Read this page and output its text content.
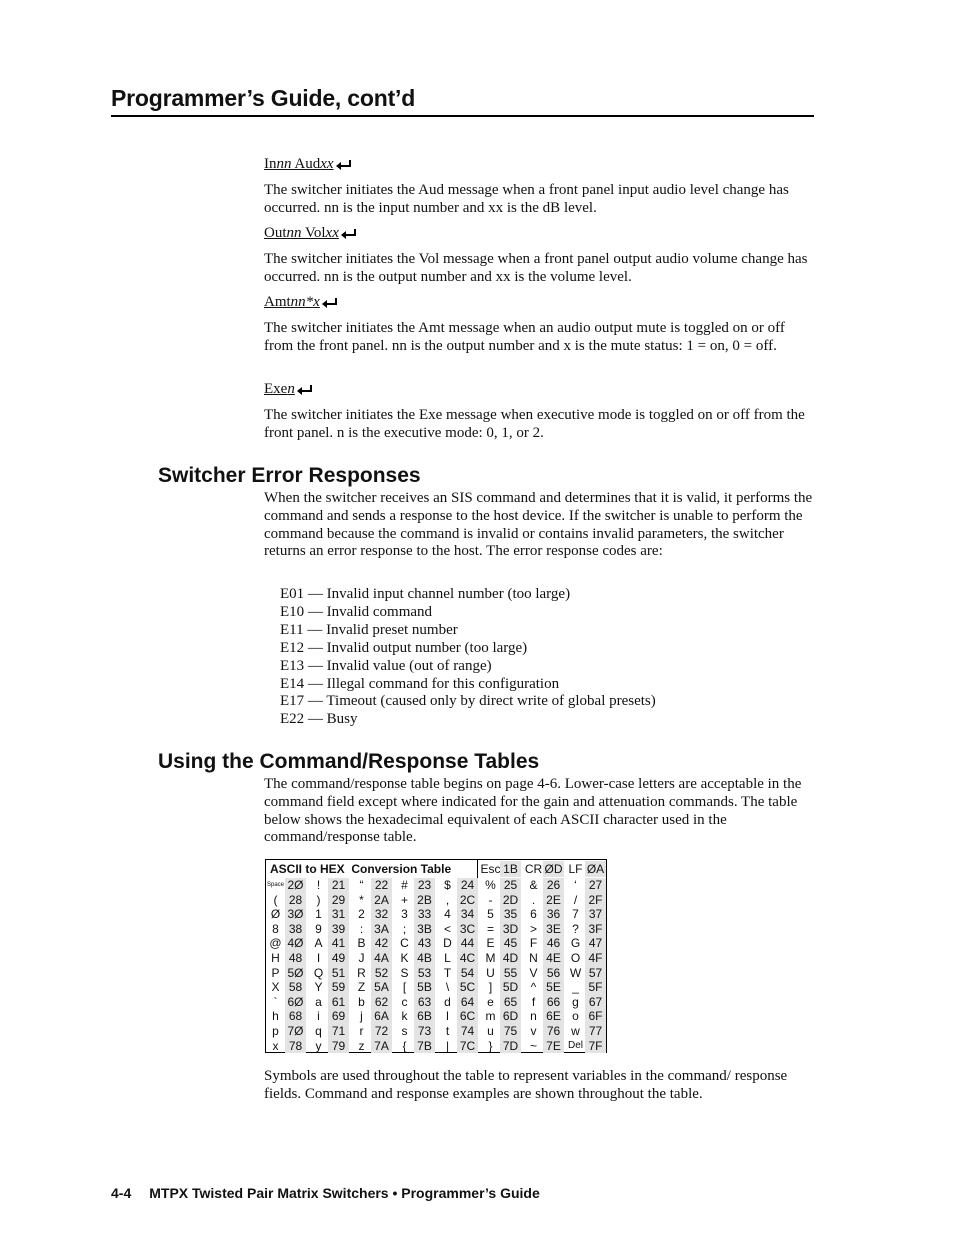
Programmer’s Guide, cont’d
Innn Audxx
The switcher initiates the Aud message when a front panel input audio level change has occurred. nn is the input number and xx is the dB level.
Outnn Volxx
The switcher initiates the Vol message when a front panel output audio volume change has occurred. nn is the output number and xx is the volume level.
Amtnn*x
The switcher initiates the Amt message when an audio output mute is toggled on or off from the front panel. nn is the output number and x is the mute status: 1 = on, 0 = off.
Exen
The switcher initiates the Exe message when executive mode is toggled on or off from the front panel. n is the executive mode: 0, 1, or 2.
Switcher Error Responses
When the switcher receives an SIS command and determines that it is valid, it performs the command and sends a response to the host device. If the switcher is unable to perform the command because the command is invalid or contains invalid parameters, the switcher returns an error response to the host. The error response codes are:
E01 — Invalid input channel number (too large)
E10 — Invalid command
E11 — Invalid preset number
E12 — Invalid output number (too large)
E13 — Invalid value (out of range)
E14 — Illegal command for this configuration
E17 — Timeout (caused only by direct write of global presets)
E22 — Busy
Using the Command/Response Tables
The command/response table begins on page 4-6. Lower-case letters are acceptable in the command field except where indicated for the gain and attenuation commands. The table below shows the hexadecimal equivalent of each ASCII character used in the command/response table.
ASCII to HEX  Conversion Table Esc 1B CR ØD LF ØA
Space 2Ø	! 21	“ 22	# 23	$ 24 % 25	& 26	‘ 27
( 28	) 29	* 2A	+ 2B	, 2C	- 2D	. 2E	/ 2F
Ø 3Ø 1 31	2 32	3 33	4 34	5 35	6 36 7 37
8 38	9 39	: 3A	; 3B	< 3C = 3D > 3E ? 3F
@ 4Ø A 41	B 42 C 43 D 44	E 45	F 46 G 47
H 48	I 49	J 4A K 4B	L 4C M 4D N 4E O 4F
P 5Ø Q 51 R 52	S 53	T 54 U 55	V 56 W 57
X 58	Y 59	Z 5A	[ 5B	\ 5C	] 5D	^ 5E _ 5F
` 6Ø a 61	b 62	c 63	d 64	e 65	f 66 g 67
h 68	i 69	j 6A	k 6B	l 6C m 6D n 6E o 6F
p 7Ø q 71	r 72	s 73	t 74	u 75	v 76 w 77
x 78	y 79	z 7A	{ 7B	| 7C	} 7D ~ 7E Del 7F
Symbols are used throughout the table to represent variables in the command/ response fields. Command and response examples are shown throughout the table.
4-4 MTPX Twisted Pair Matrix Switchers • Programmer’s Guide
